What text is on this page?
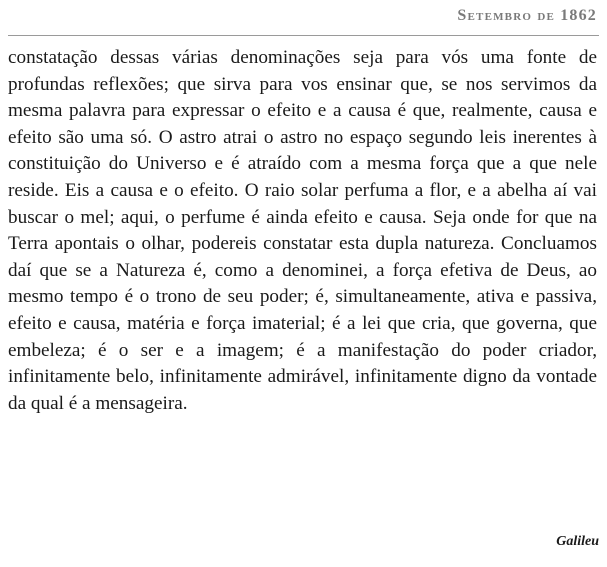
Setembro de 1862

constatação dessas várias denominações seja para vós uma fonte de profundas reflexões; que sirva para vos ensinar que, se nos servimos da mesma palavra para expressar o efeito e a causa é que, realmente, causa e efeito são uma só. O astro atrai o astro no espaço segundo leis inerentes à constituição do Universo e é atraído com a mesma força que a que nele reside. Eis a causa e o efeito. O raio solar perfuma a flor, e a abelha aí vai buscar o mel; aqui, o perfume é ainda efeito e causa. Seja onde for que na Terra apontais o olhar, podereis constatar esta dupla natureza. Concluamos daí que se a Natureza é, como a denominei, a força efetiva de Deus, ao mesmo tempo é o trono de seu poder; é, simultaneamente, ativa e passiva, efeito e causa, matéria e força imaterial; é a lei que cria, que governa, que embeleza; é o ser e a imagem; é a manifestação do poder criador, infinitamente belo, infinitamente admirável, infinitamente digno da vontade da qual é a mensageira.

Galileu
